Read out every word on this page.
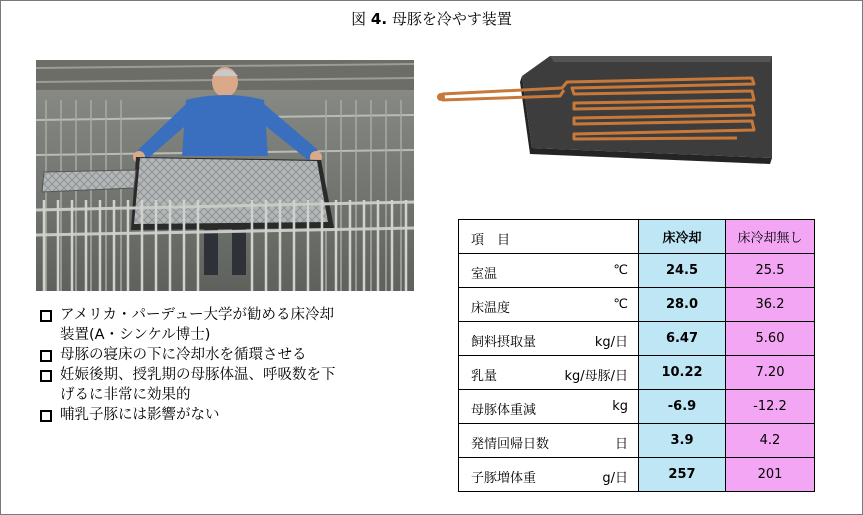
図 4. 母豚を冷やす装置
アメリカ・パーデュー大学が勧める床冷却
装置(A・シンケル博士)
母豚の寝床の下に冷却水を循環させる
妊娠後期、授乳期の母豚体温、呼吸数を下
げるに非常に効果的
哺乳子豚には影響がない
項　目	床冷却	床冷却無し

室温 ℃	24.5	25.5

床温度 ℃	28.0	36.2

飼料摂取量 kg/日	6.47	5.60

乳量 kg/母豚/日	10.22	7.20

母豚体重減 kg	-6.9	-12.2

発情回帰日数 日	3.9	4.2

子豚増体重 g/日	257	201
